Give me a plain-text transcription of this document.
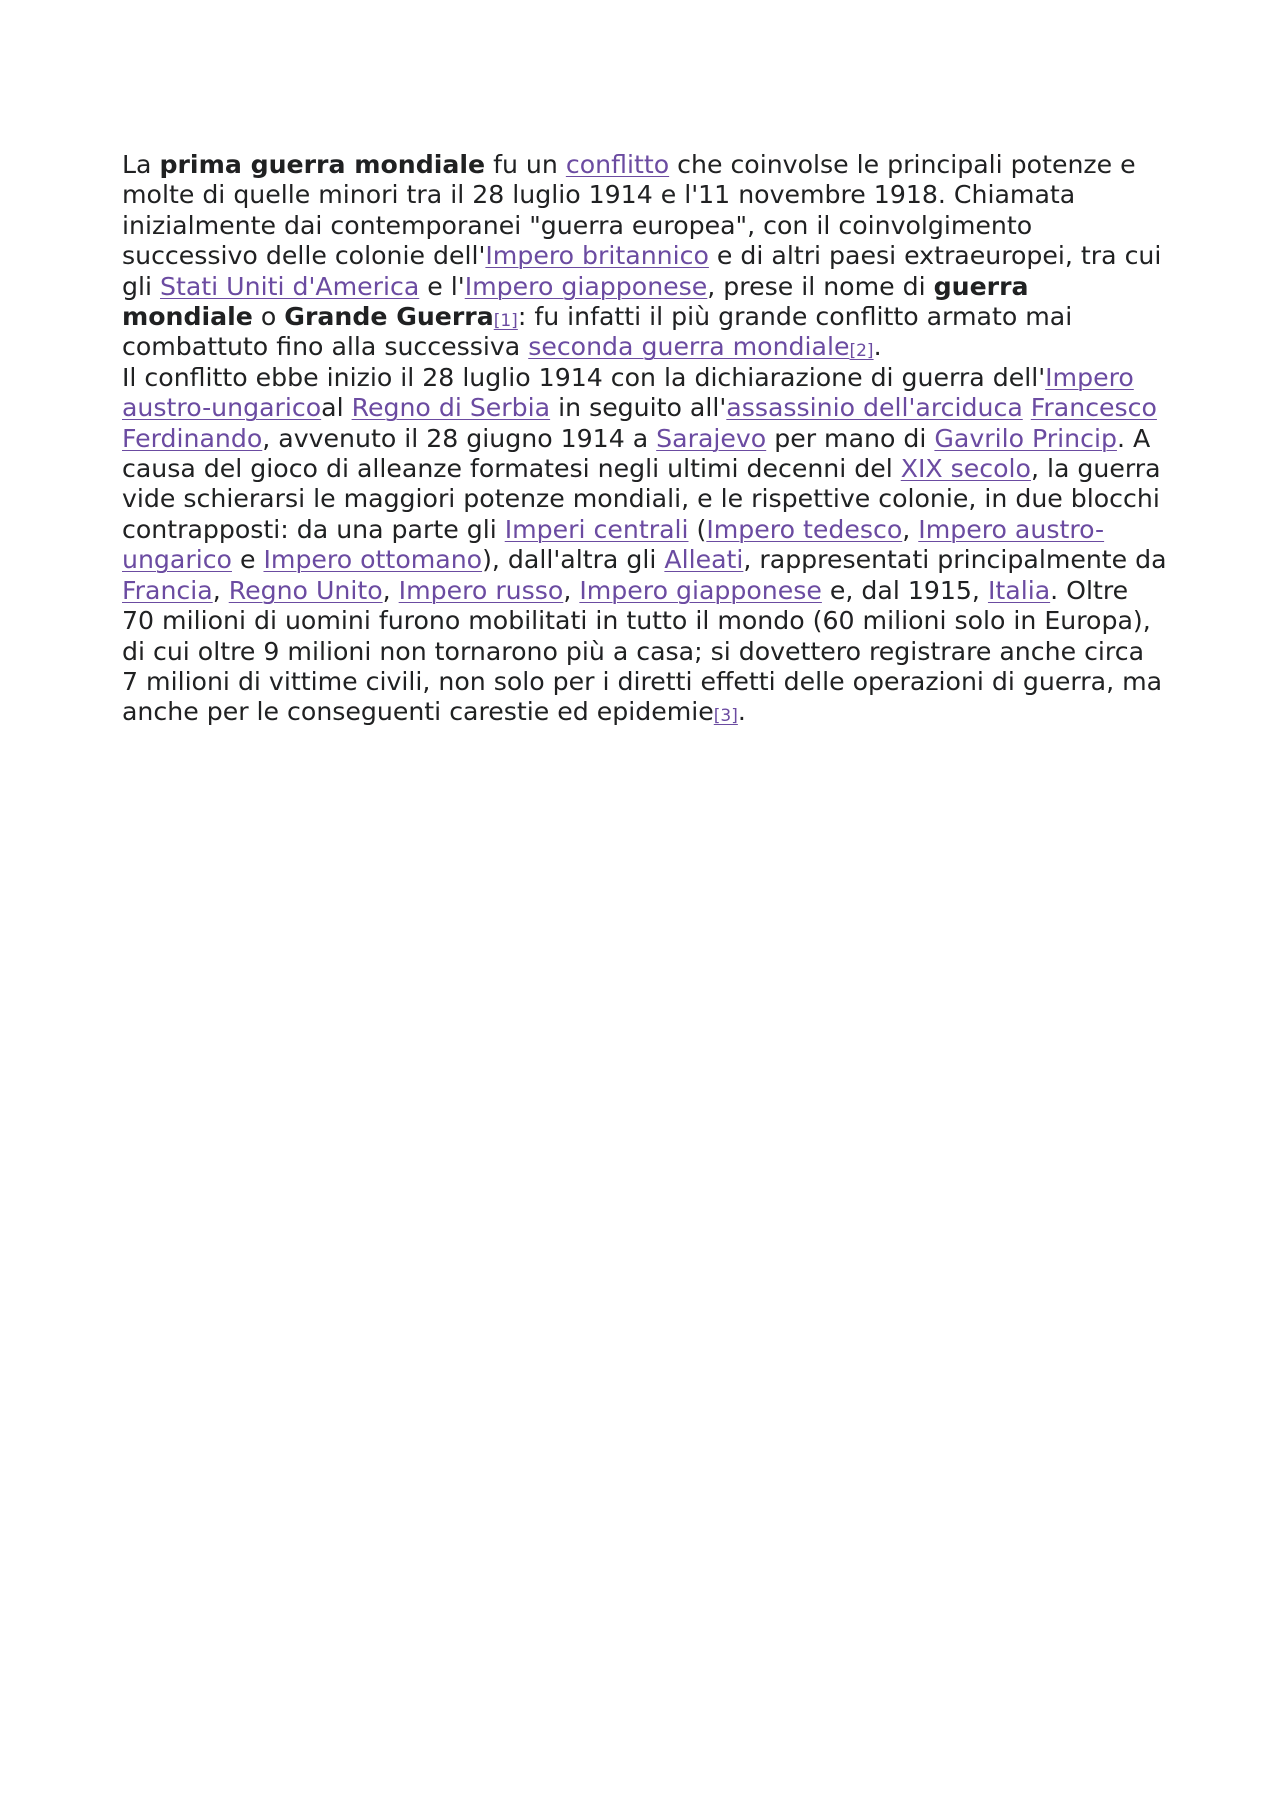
La prima guerra mondiale fu un conflitto che coinvolse le principali potenze e molte di quelle minori tra il 28 luglio 1914 e l'11 novembre 1918. Chiamata inizialmente dai contemporanei "guerra europea", con il coinvolgimento successivo delle colonie dell'Impero britannico e di altri paesi extraeuropei, tra cui gli Stati Uniti d'America e l'Impero giapponese, prese il nome di guerra mondiale o Grande Guerra[1]: fu infatti il più grande conflitto armato mai combattuto fino alla successiva seconda guerra mondiale[2].

Il conflitto ebbe inizio il 28 luglio 1914 con la dichiarazione di guerra dell'Impero austro-ungaricoal Regno di Serbia in seguito all'assassinio dell'arciduca Francesco Ferdinando, avvenuto il 28 giugno 1914 a Sarajevo per mano di Gavrilo Princip. A causa del gioco di alleanze formatesi negli ultimi decenni del XIX secolo, la guerra vide schierarsi le maggiori potenze mondiali, e le rispettive colonie, in due blocchi contrapposti: da una parte gli Imperi centrali (Impero tedesco, Impero austro-ungarico e Impero ottomano), dall'altra gli Alleati, rappresentati principalmente da Francia, Regno Unito, Impero russo, Impero giapponese e, dal 1915, Italia. Oltre 70 milioni di uomini furono mobilitati in tutto il mondo (60 milioni solo in Europa), di cui oltre 9 milioni non tornarono più a casa; si dovettero registrare anche circa 7 milioni di vittime civili, non solo per i diretti effetti delle operazioni di guerra, ma anche per le conseguenti carestie ed epidemie[3].
